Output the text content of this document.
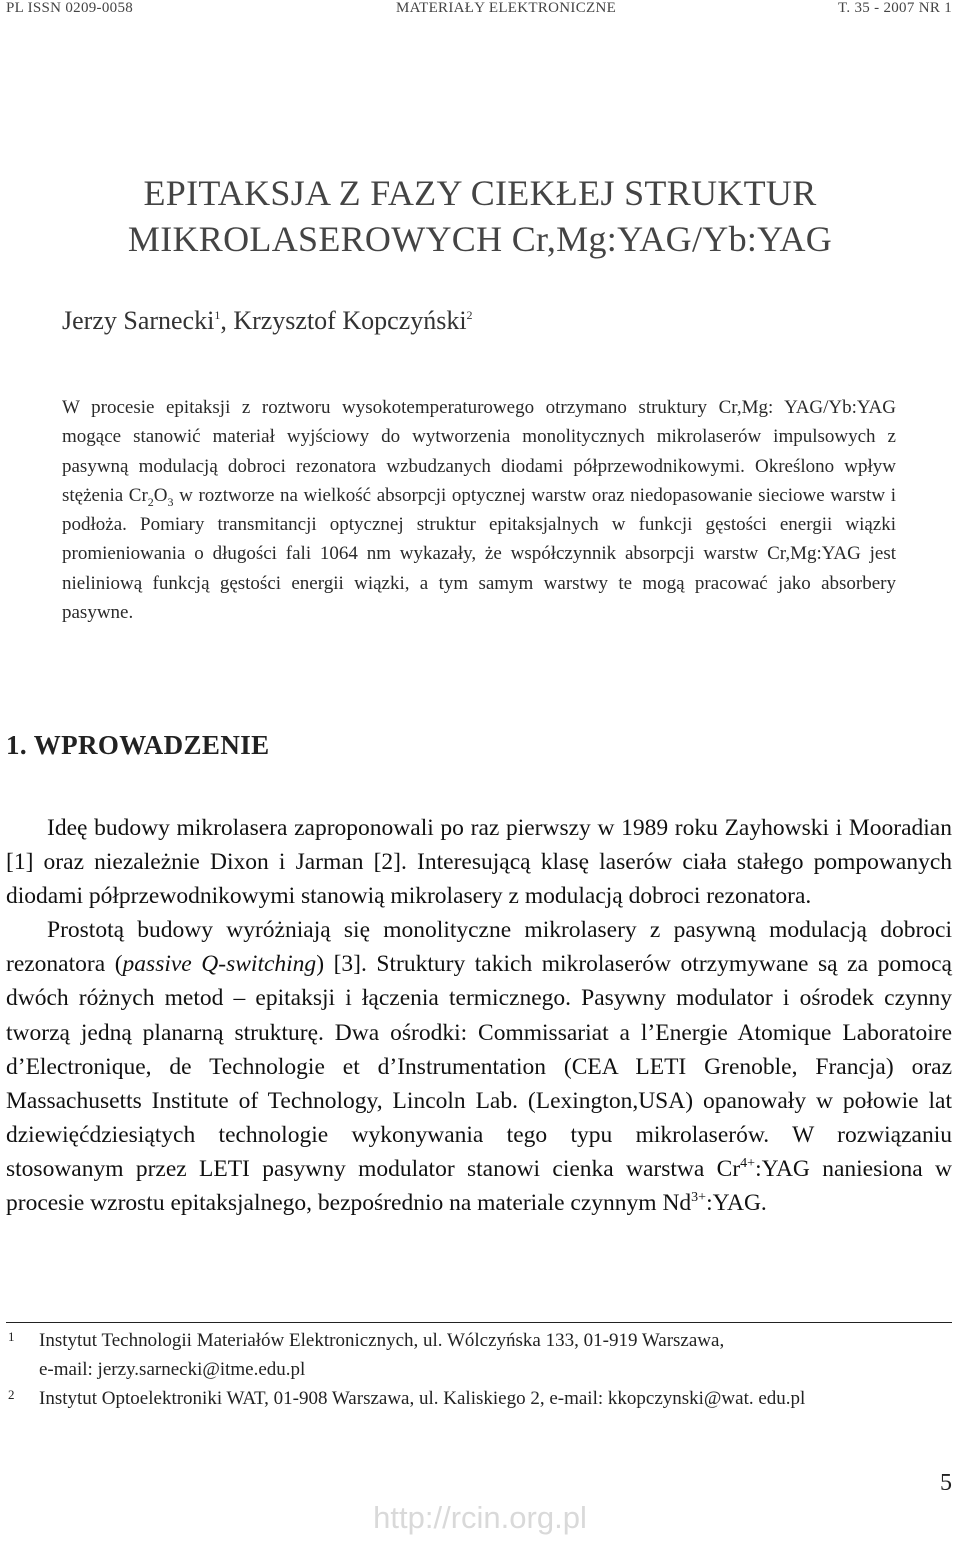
PL ISSN 0209-0058	MATERIAŁY ELEKTRONICZNE	T. 35 - 2007 NR 1
EPITAKSJA Z FAZY CIEKŁEJ STRUKTUR
MIKROLASEROWYCH Cr,Mg:YAG/Yb:YAG
Jerzy Sarnecki$^1$, Krzysztof Kopczyński$^2$
W procesie epitaksji z roztworu wysokotemperaturowego otrzymano struktury Cr,Mg: YAG/Yb:YAG mogące stanowić materiał wyjściowy do wytworzenia monolitycznych mikrolaserów impulsowych z pasywną modulacją dobroci rezonatora wzbudzanych diodami półprzewodnikowymi. Określono wpływ stężenia $Cr_2O_3$ w roztworze na wielkość absorpcji optycznej warstw oraz niedopasowanie sieciowe warstw i podłoża. Pomiary transmitancji optycznej struktur epitaksjalnych w funkcji gęstości energii wiązki promieniowania o długości fali 1064 nm wykazały, że współczynnik absorpcji warstw Cr,Mg:YAG jest nieliniową funkcją gęstości energii wiązki, a tym samym warstwy te mogą pracować jako absorbery pasywne.
1. WPROWADZENIE

Ideę budowy mikrolasera zaproponowali po raz pierwszy w 1989 roku Zayhowski i Mooradian [1] oraz niezależnie Dixon i Jarman [2]. Interesującą klasę laserów ciała stałego pompowanych diodami półprzewodnikowymi stanowią mikrolasery z modulacją dobroci rezonatora.

Prostotą budowy wyróżniają się monolityczne mikrolasery z pasywną modulacją dobroci rezonatora (passive Q-switching) [3]. Struktury takich mikrolaserów otrzymywane są za pomocą dwóch różnych metod – epitaksji i łączenia termicznego. Pasywny modulator i ośrodek czynny tworzą jedną planarną strukturę. Dwa ośrodki: Commissariat a l’Energie Atomique Laboratoire d’Electronique, de Technologie et d’Instrumentation (CEA LETI Grenoble, Francja) oraz Massachusetts Institute of Technology, Lincoln Lab. (Lexington,USA) opanowały w połowie lat dziewięćdziesiątych technologie wykonywania tego typu mikrolaserów. W rozwiązaniu stosowanym przez LETI pasywny modulator stanowi cienka warstwa $Cr^{4+}:YAG$ naniesiona w procesie wzrostu epitaksjalnego, bezpośrednio na materiale czynnym $Nd^{3+}:YAG$.

1 Instytut Technologii Materiałów Elektronicznych, ul. Wólczyńska 133, 01-919 Warszawa,
e-mail: jerzy.sarnecki@itme.edu.pl
2 Instytut Optoelektroniki WAT, 01-908 Warszawa, ul. Kaliskiego 2, e-mail: kkopczynski@wat. edu.pl
5
http://rcin.org.pl
